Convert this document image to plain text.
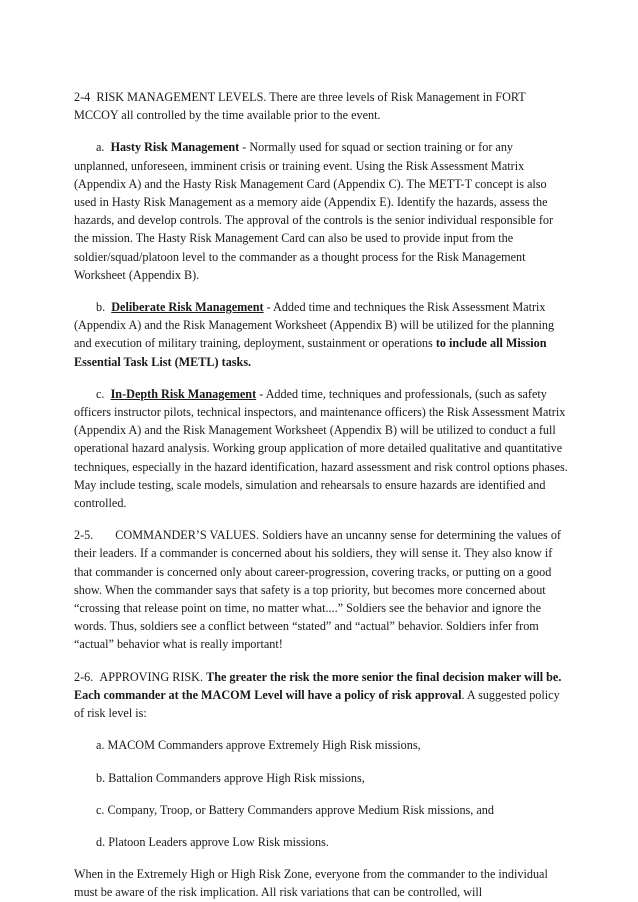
2-4 RISK MANAGEMENT LEVELS. There are three levels of Risk Management in FORT MCCOY all controlled by the time available prior to the event.

a. Hasty Risk Management - Normally used for squad or section training or for any unplanned, unforeseen, imminent crisis or training event. Using the Risk Assessment Matrix (Appendix A) and the Hasty Risk Management Card (Appendix C). The METT-T concept is also used in Hasty Risk Management as a memory aide (Appendix E). Identify the hazards, assess the hazards, and develop controls. The approval of the controls is the senior individual responsible for the mission. The Hasty Risk Management Card can also be used to provide input from the soldier/squad/platoon level to the commander as a thought process for the Risk Management Worksheet (Appendix B).

b. Deliberate Risk Management - Added time and techniques the Risk Assessment Matrix (Appendix A) and the Risk Management Worksheet (Appendix B) will be utilized for the planning and execution of military training, deployment, sustainment or operations to include all Mission Essential Task List (METL) tasks.

c. In-Depth Risk Management - Added time, techniques and professionals, (such as safety officers instructor pilots, technical inspectors, and maintenance officers) the Risk Assessment Matrix (Appendix A) and the Risk Management Worksheet (Appendix B) will be utilized to conduct a full operational hazard analysis. Working group application of more detailed qualitative and quantitative techniques, especially in the hazard identification, hazard assessment and risk control options phases. May include testing, scale models, simulation and rehearsals to ensure hazards are identified and controlled.

2-5. COMMANDER’S VALUES. Soldiers have an uncanny sense for determining the values of their leaders. If a commander is concerned about his soldiers, they will sense it. They also know if that commander is concerned only about career-progression, covering tracks, or putting on a good show. When the commander says that safety is a top priority, but becomes more concerned about “crossing that release point on time, no matter what....” Soldiers see the behavior and ignore the words. Thus, soldiers see a conflict between “stated” and “actual” behavior. Soldiers infer from “actual” behavior what is really important!

2-6. APPROVING RISK. The greater the risk the more senior the final decision maker will be. Each commander at the MACOM Level will have a policy of risk approval. A suggested policy of risk level is:

a. MACOM Commanders approve Extremely High Risk missions,

b. Battalion Commanders approve High Risk missions,

c. Company, Troop, or Battery Commanders approve Medium Risk missions, and

d. Platoon Leaders approve Low Risk missions.

When in the Extremely High or High Risk Zone, everyone from the commander to the individual must be aware of the risk implication. All risk variations that can be controlled, will
